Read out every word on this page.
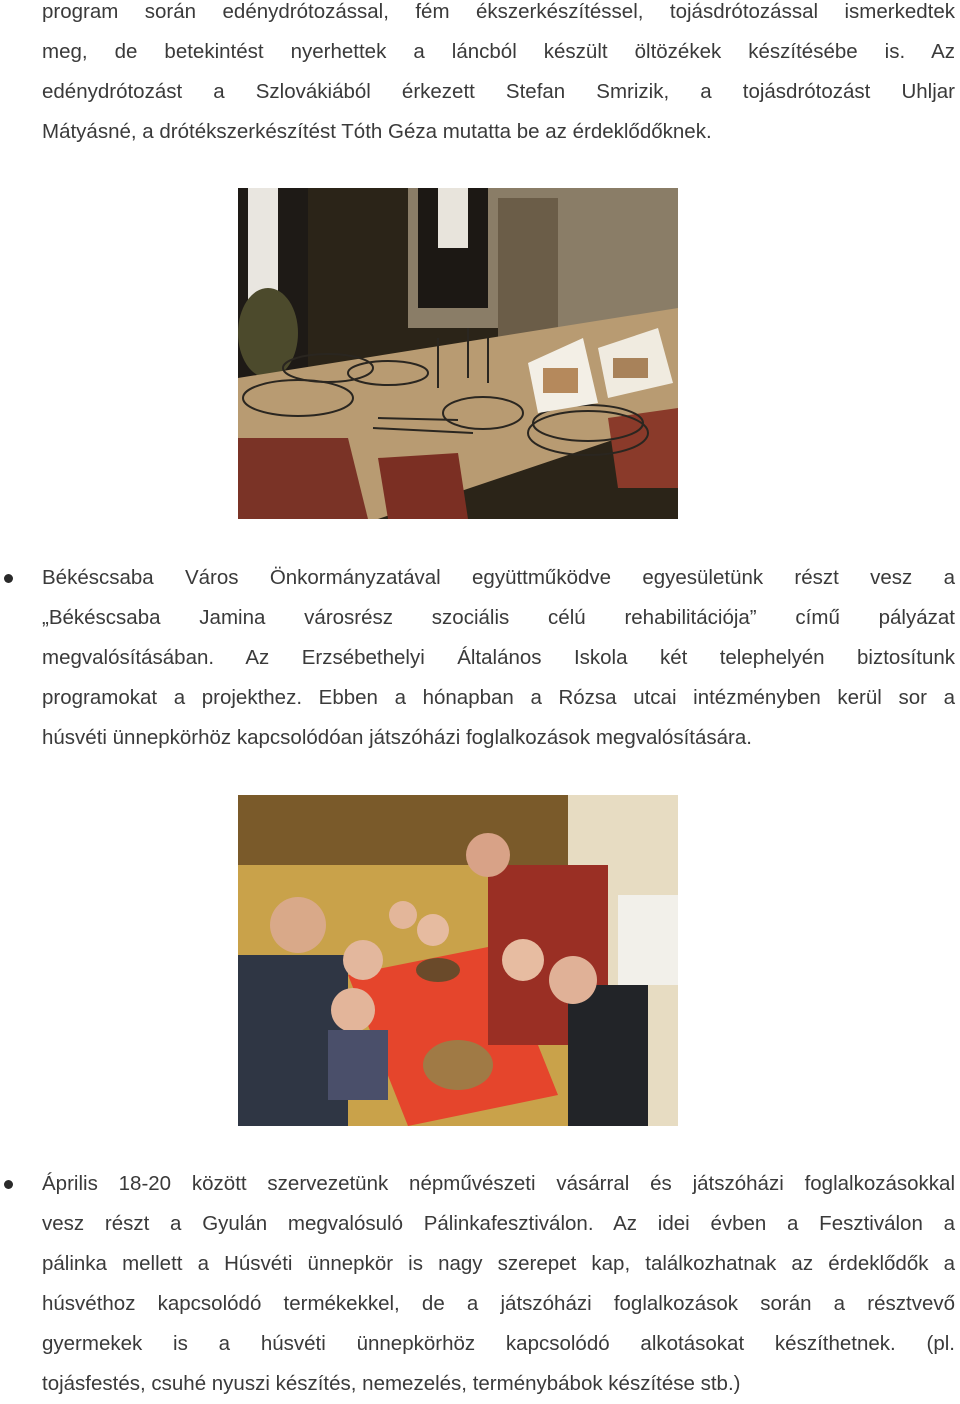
program során edénydrótozással, fém ékszerkészítéssel, tojásdrótozással ismerkedtek
meg, de betekintést nyerhettek a láncból készült öltözékek készítésébe is. Az
edénydrótozást a Szlovákiából érkezett Stefan Smrizik, a tojásdrótozást Uhljar
Mátyásné, a drótékszerkészítést Tóth Géza mutatta be az érdeklődőknek.
Békéscsaba Város Önkormányzatával együttműködve egyesületünk részt vesz a
„Békéscsaba Jamina városrész szociális célú rehabilitációja” című pályázat
megvalósításában. Az Erzsébethelyi Általános Iskola két telephelyén biztosítunk
programokat a projekthez. Ebben a hónapban a Rózsa utcai intézményben kerül sor a
húsvéti ünnepkörhöz kapcsolódóan játszóházi foglalkozások megvalósítására.
Április 18-20 között szervezetünk népművészeti vásárral és játszóházi foglalkozásokkal
vesz részt a Gyulán megvalósuló Pálinkafesztiválon. Az idei évben a Fesztiválon a
pálinka mellett a Húsvéti ünnepkör is nagy szerepet kap, találkozhatnak az érdeklődők a
húsvéthoz kapcsolódó termékekkel, de a játszóházi foglalkozások során a résztvevő
gyermekek is a húsvéti ünnepkörhöz kapcsolódó alkotásokat készíthetnek. (pl.
tojásfestés, csuhé nyuszi készítés, nemezelés, terménybábok készítése stb.)
